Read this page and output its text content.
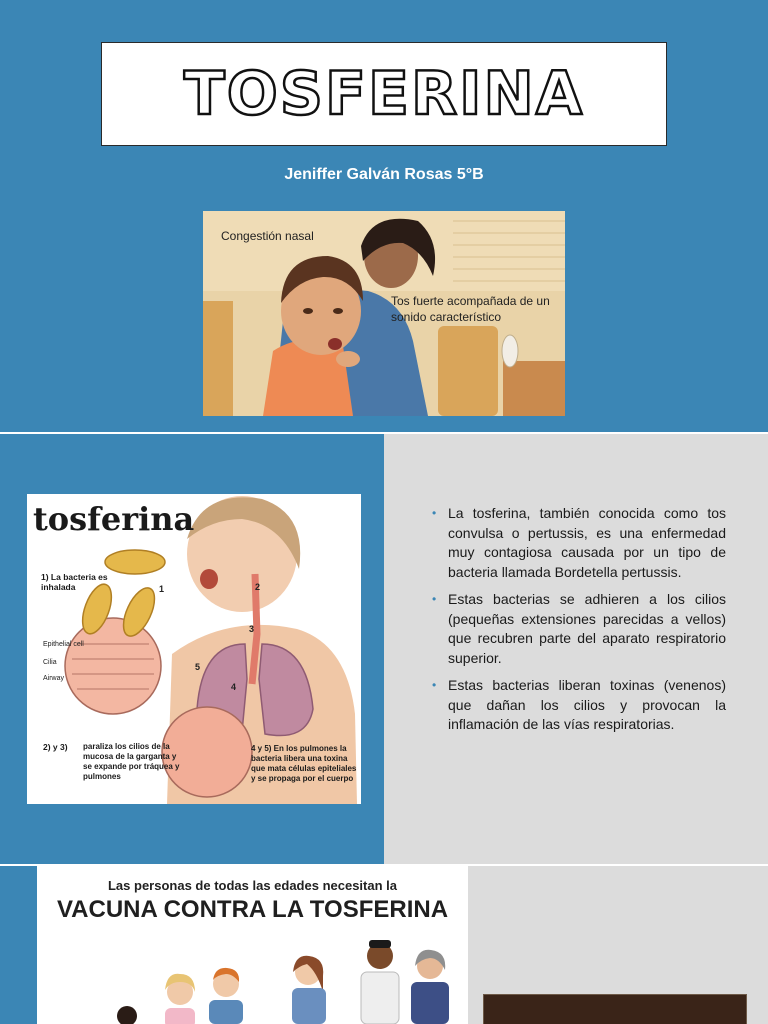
TOSFERINA
Jeniffer Galván Rosas 5°B
Congestión nasal
Tos fuerte acompañada de un sonido característico
tosferina
1) La bacteria es inhalada
Epithelial cell
Cilia
Airway
2) y 3) paraliza los cilios de la mucosa de la garganta y se expande por tráquea y pulmones
4 y 5) En los pulmones la bacteria libera una toxina que mata células epiteliales y se propaga por el cuerpo
1	2
3
4
5
• La tosferina, también conocida como tos convulsa o pertussis, es una enfermedad muy contagiosa causada por un tipo de bacteria llamada Bordetella pertussis.
• Estas bacterias se adhieren a los cilios (pequeñas extensiones parecidas a vellos) que recubren parte del aparato respiratorio superior.
• Estas bacterias liberan toxinas (venenos) que dañan los cilios y provocan la inflamación de las vías respiratorias.
Las personas de todas las edades necesitan la
VACUNA CONTRA LA TOSFERINA
